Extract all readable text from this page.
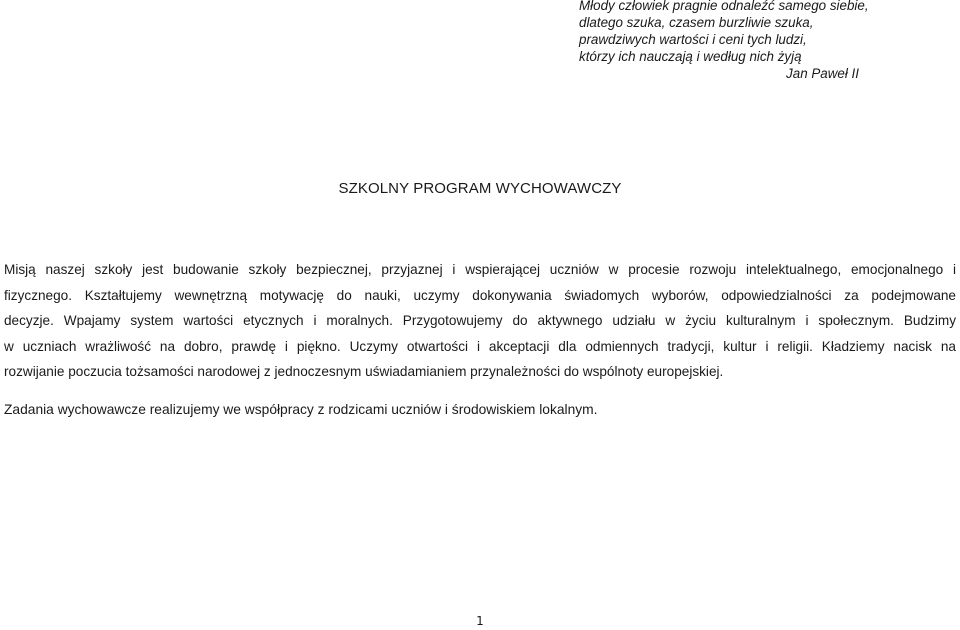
Młody człowiek pragnie odnaleźć samego siebie,
dlatego szuka, czasem burzliwie szuka,
prawdziwych wartości i ceni tych ludzi,
którzy ich nauczają i według nich żyją
Jan Paweł II
SZKOLNY PROGRAM WYCHOWAWCZY

Misją naszej szkoły jest budowanie szkoły bezpiecznej, przyjaznej i wspierającej uczniów w procesie rozwoju intelektualnego, emocjonalnego i
fizycznego. Kształtujemy wewnętrzną motywację do nauki, uczymy dokonywania świadomych wyborów, odpowiedzialności za podejmowane
decyzje. Wpajamy system wartości etycznych i moralnych. Przygotowujemy do aktywnego udziału w życiu kulturalnym i społecznym. Budzimy
w uczniach wrażliwość na dobro, prawdę i piękno. Uczymy otwartości i akceptacji dla odmiennych tradycji, kultur i religii. Kładziemy nacisk na
rozwijanie poczucia tożsamości narodowej z jednoczesnym uświadamianiem przynależności do wspólnoty europejskiej.

Zadania wychowawcze realizujemy we współpracy z rodzicami uczniów i środowiskiem lokalnym.

1
